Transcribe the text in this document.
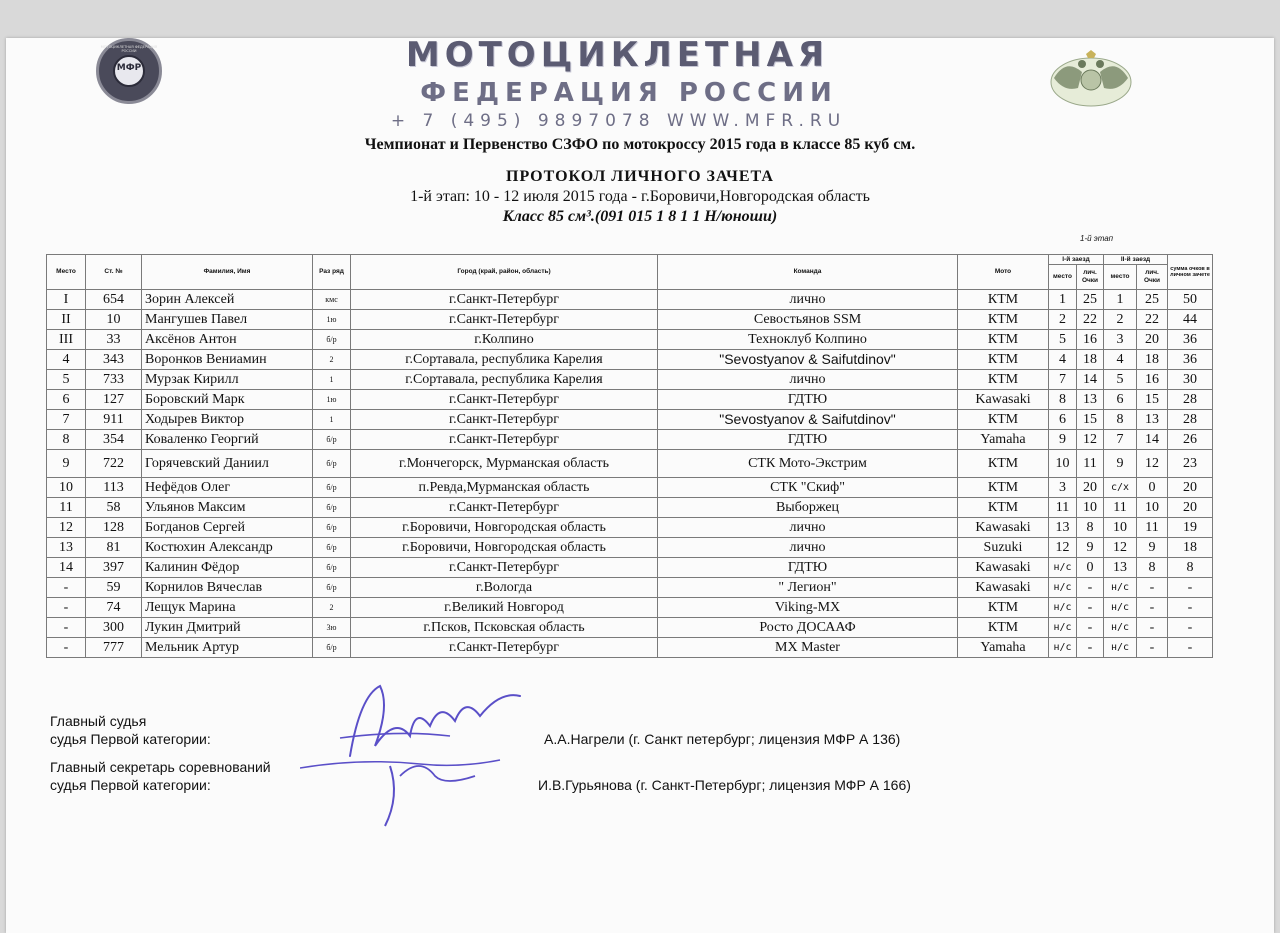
МОТОЦИКЛЕТНАЯ ФЕДЕРАЦИЯ РОССИИ
МФР	МОТОЦИКЛЕТНАЯ
ФЕДЕРАЦИЯ РОССИИ
+ 7 (495) 9897078 WWW.MFR.RU
Чемпионат и Первенство СЗФО по мотокроссу 2015 года в классе 85 куб см.
ПРОТОКОЛ ЛИЧНОГО ЗАЧЕТА
1-й этап: 10 - 12 июля 2015 года - г.Боровичи,Новгородская область
Класс 85 см³.(091 015 1 8 1 1 Н/юноши)
1-й этап
Место	Ст. №	Фамилия, Имя	Раз ряд	Город (край, район, область)	Команда	Мото	I-й заезд		II-й заезд		сумма очков в личном зачете
							место	лич. Очки	место	лич. Очки	
I	654	Зорин Алексей	кмс	г.Санкт-Петербург	лично	КТМ	1	25	1	25	50
II	10	Мангушев Павел	1ю	г.Санкт-Петербург	Севостьянов SSM	КТМ	2	22	2	22	44
III	33	Аксёнов Антон	б/р	г.Колпино	Техноклуб Колпино	КТМ	5	16	3	20	36
4	343	Воронков Вениамин	2	г.Сортавала, республика Карелия	"Sevostyanov & Saifutdinov"	КТМ	4	18	4	18	36
5	733	Мурзак Кирилл	1	г.Сортавала, республика Карелия	лично	КТМ	7	14	5	16	30
6	127	Боровский Марк	1ю	г.Санкт-Петербург	ГДТЮ	Kawasaki	8	13	6	15	28
7	911	Ходырев Виктор	1	г.Санкт-Петербург	"Sevostyanov & Saifutdinov"	КТМ	6	15	8	13	28
8	354	Коваленко Георгий	б/р	г.Санкт-Петербург	ГДТЮ	Yamaha	9	12	7	14	26
9	722	Горячевский Даниил	б/р	г.Мончегорск, Мурманская область	СТК Мото-Экстрим	КТМ	10	11	9	12	23
10	113	Нефёдов Олег	б/р	п.Ревда,Мурманская область	СТК "Скиф"	КТМ	3	20	с/х	0	20
11	58	Ульянов Максим	б/р	г.Санкт-Петербург	Выборжец	КТМ	11	10	11	10	20
12	128	Богданов Сергей	б/р	г.Боровичи, Новгородская область	лично	Kawasaki	13	8	10	11	19
13	81	Костюхин Александр	б/р	г.Боровичи, Новгородская область	лично	Suzuki	12	9	12	9	18
14	397	Калинин Фёдор	б/р	г.Санкт-Петербург	ГДТЮ	Kawasaki	н/с	0	13	8	8
-	59	Корнилов Вячеслав	б/р	г.Вологда	" Легион"	Kawasaki	н/с	-	н/с	-	-
-	74	Лещук Марина	2	г.Великий Новгород	Viking-MX	КТМ	н/с	-	н/с	-	-
-	300	Лукин Дмитрий	3ю	г.Псков, Псковская область	Росто ДОСААФ	КТМ	н/с	-	н/с	-	-
-	777	Мельник Артур	б/р	г.Санкт-Петербург	MX Master	Yamaha	н/с	-	н/с	-	-
Главный судья
судья Первой категории:	А.А.Нагрели (г. Санкт петербург; лицензия МФР А 136)
Главный секретарь соревнований
судья Первой категории:	И.В.Гурьянова (г. Санкт-Петербург; лицензия МФР А 166)
